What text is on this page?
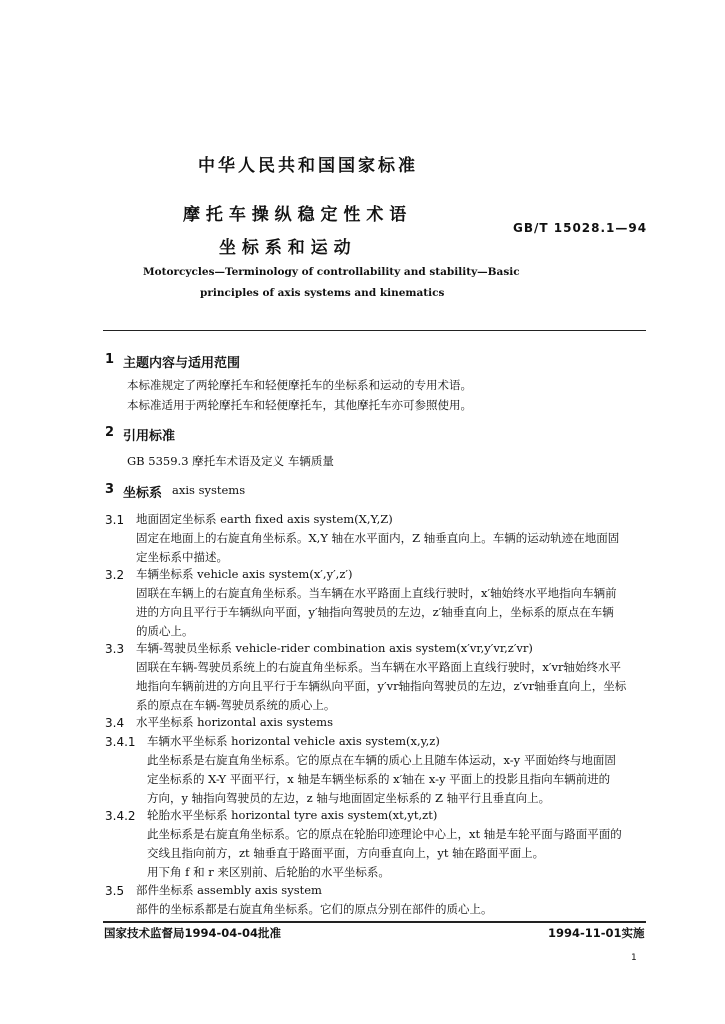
中华人民共和国国家标准
摩 托 车 操 纵 稳 定 性 术 语
坐 标 系 和 运 动
GB/T 15028.1—94
Motorcycles—Terminology of controllability and stability—Basic
principles of axis systems and kinematics
1 主题内容与适用范围
本标准规定了两轮摩托车和轻便摩托车的坐标系和运动的专用术语。
本标准适用于两轮摩托车和轻便摩托车，其他摩托车亦可参照使用。
2 引用标准
GB 5359.3 摩托车术语及定义 车辆质量
3 坐标系 axis systems
3.1 地面固定坐标系 earth fixed axis system(X,Y,Z)
固定在地面上的右旋直角坐标系。X,Y 轴在水平面内，Z 轴垂直向上。车辆的运动轨迹在地面固
定坐标系中描述。
3.2 车辆坐标系 vehicle axis system(x′,y′,z′)
固联在车辆上的右旋直角坐标系。当车辆在水平路面上直线行驶时，x′轴始终水平地指向车辆前
进的方向且平行于车辆纵向平面，y′轴指向驾驶员的左边，z′轴垂直向上，坐标系的原点在车辆
的质心上。
3.3 车辆-驾驶员坐标系 vehicle-rider combination axis system(x′vr,y′vr,z′vr)
固联在车辆-驾驶员系统上的右旋直角坐标系。当车辆在水平路面上直线行驶时，x′vr轴始终水平
地指向车辆前进的方向且平行于车辆纵向平面，y′vr轴指向驾驶员的左边，z′vr轴垂直向上，坐标
系的原点在车辆-驾驶员系统的质心上。
3.4 水平坐标系 horizontal axis systems
3.4.1 车辆水平坐标系 horizontal vehicle axis system(x,y,z)
此坐标系是右旋直角坐标系。它的原点在车辆的质心上且随车体运动，x-y 平面始终与地面固
定坐标系的 X-Y 平面平行，x 轴是车辆坐标系的 x′轴在 x-y 平面上的投影且指向车辆前进的
方向，y 轴指向驾驶员的左边，z 轴与地面固定坐标系的 Z 轴平行且垂直向上。
3.4.2 轮胎水平坐标系 horizontal tyre axis system(xt,yt,zt)
此坐标系是右旋直角坐标系。它的原点在轮胎印迹理论中心上，xt 轴是车轮平面与路面平面的
交线且指向前方，zt 轴垂直于路面平面，方向垂直向上，yt 轴在路面平面上。
用下角 f 和 r 来区别前、后轮胎的水平坐标系。
3.5 部件坐标系 assembly axis system
部件的坐标系都是右旋直角坐标系。它们的原点分别在部件的质心上。
国家技术监督局1994-04-04批准	1994-11-01实施
1
